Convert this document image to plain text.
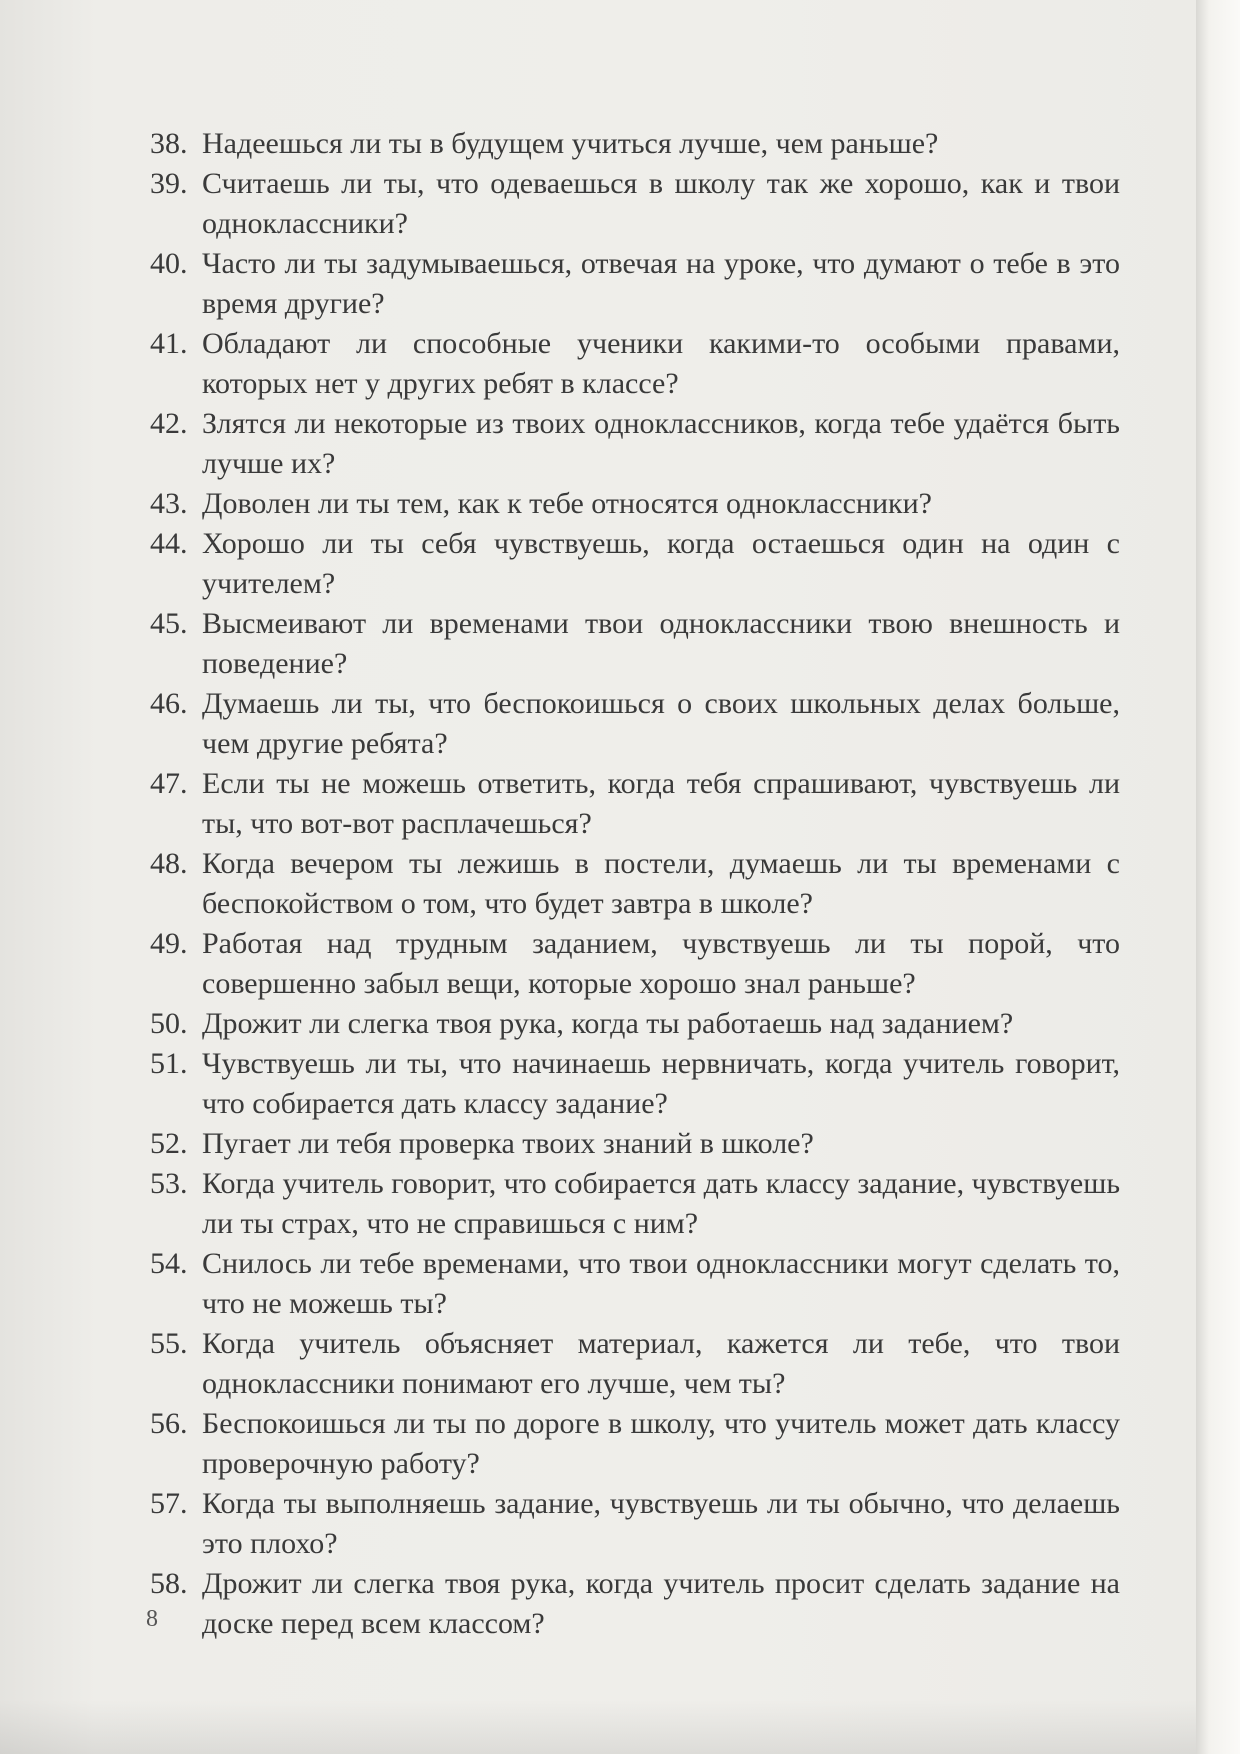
38. Надеешься ли ты в будущем учиться лучше, чем раньше?
39. Считаешь ли ты, что одеваешься в школу так же хорошо, как и твои одноклассники?
40. Часто ли ты задумываешься, отвечая на уроке, что думают о тебе в это время другие?
41. Обладают ли способные ученики какими-то особыми правами, которых нет у других ребят в классе?
42. Злятся ли некоторые из твоих одноклассников, когда тебе удаётся быть лучше их?
43. Доволен ли ты тем, как к тебе относятся одноклассники?
44. Хорошо ли ты себя чувствуешь, когда остаешься один на один с учителем?
45. Высмеивают ли временами твои одноклассники твою внешность и поведение?
46. Думаешь ли ты, что беспокоишься о своих школьных делах больше, чем другие ребята?
47. Если ты не можешь ответить, когда тебя спрашивают, чувствуешь ли ты, что вот-вот расплачешься?
48. Когда вечером ты лежишь в постели, думаешь ли ты временами с беспокойством о том, что будет завтра в школе?
49. Работая над трудным заданием, чувствуешь ли ты порой, что совершенно забыл вещи, которые хорошо знал раньше?
50. Дрожит ли слегка твоя рука, когда ты работаешь над заданием?
51. Чувствуешь ли ты, что начинаешь нервничать, когда учитель говорит, что собирается дать классу задание?
52. Пугает ли тебя проверка твоих знаний в школе?
53. Когда учитель говорит, что собирается дать классу задание, чувствуешь ли ты страх, что не справишься с ним?
54. Снилось ли тебе временами, что твои одноклассники могут сделать то, что не можешь ты?
55. Когда учитель объясняет материал, кажется ли тебе, что твои одноклассники понимают его лучше, чем ты?
56. Беспокоишься ли ты по дороге в школу, что учитель может дать классу проверочную работу?
57. Когда ты выполняешь задание, чувствуешь ли ты обычно, что делаешь это плохо?
58. Дрожит ли слегка твоя рука, когда учитель просит сделать задание на доске перед всем классом?
8
